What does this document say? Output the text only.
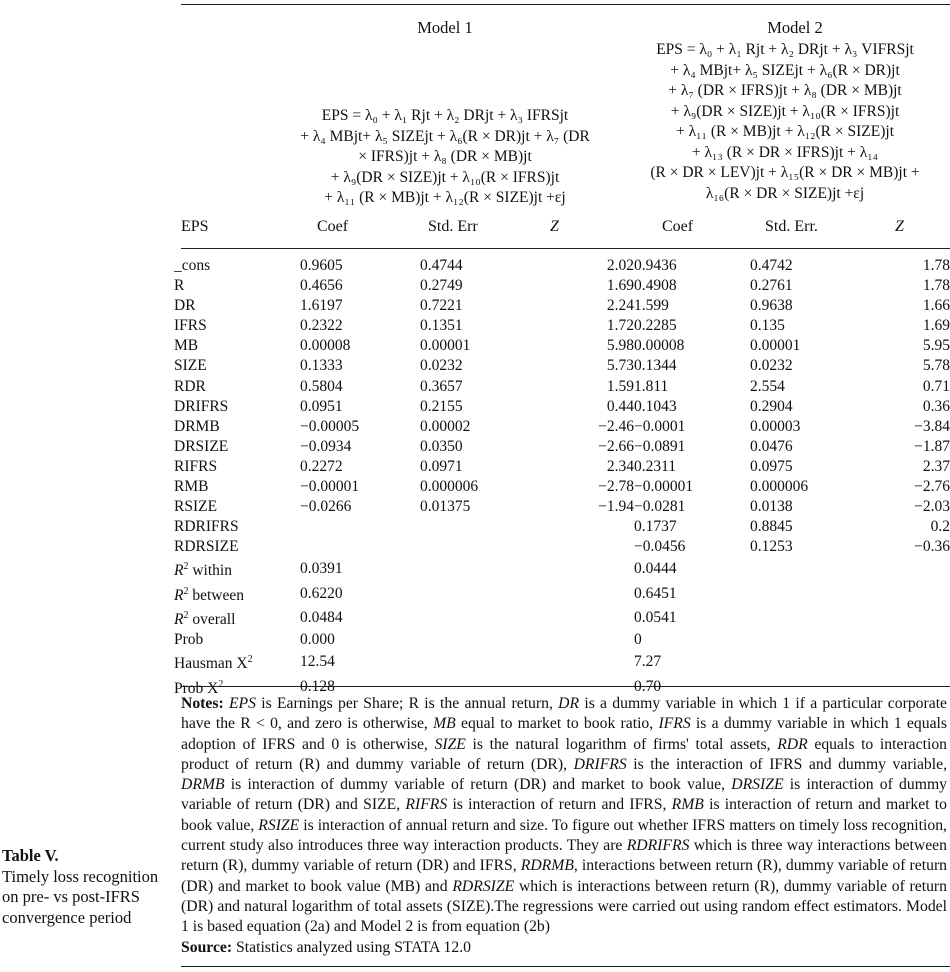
Table V.
Timely loss recognition on pre- vs post-IFRS convergence period
Model 1	Model 2
EPS = λ₀ + λ₁ Rjt + λ₂ DRjt + λ₃ IFRSjt
+ λ₄ MBjt+ λ₅ SIZEjt + λ₆(R × DR)jt + λ₇ (DR
× IFRS)jt + λ₈ (DR × MB)jt
+ λ₉(DR × SIZE)jt + λ₁₀(R × IFRS)jt
+ λ₁₁ (R × MB)jt + λ₁₂(R × SIZE)jt +εj
EPS = λ₀ + λ₁ Rjt + λ₂ DRjt + λ₃ VIFRSjt
+ λ₄ MBjt+ λ₅ SIZEjt + λ₆(R × DR)jt
+ λ₇ (DR × IFRS)jt + λ₈ (DR × MB)jt
+ λ₉(DR × SIZE)jt + λ₁₀(R × IFRS)jt
+ λ₁₁ (R × MB)jt + λ₁₂(R × SIZE)jt
+ λ₁₃ (R × DR × IFRS)jt + λ₁₄
(R × DR × LEV)jt + λ₁₅(R × DR × MB)jt +
λ₁₆(R × DR × SIZE)jt +εj
EPS	Coef	Std. Err	Z	Coef	Std. Err.	Z
_cons	0.9605	0.4744	2.02	0.9436	0.4742	1.78
R	0.4656	0.2749	1.69	0.4908	0.2761	1.78
DR	1.6197	0.7221	2.24	1.599	0.9638	1.66
IFRS	0.2322	0.1351	1.72	0.2285	0.135	1.69
MB	0.00008	0.00001	5.98	0.00008	0.00001	5.95
SIZE	0.1333	0.0232	5.73	0.1344	0.0232	5.78
RDR	0.5804	0.3657	1.59	1.811	2.554	0.71
DRIFRS	0.0951	0.2155	0.44	0.1043	0.2904	0.36
DRMB	−0.00005	0.00002	−2.46	−0.0001	0.00003	−3.84
DRSIZE	−0.0934	0.0350	−2.66	−0.0891	0.0476	−1.87
RIFRS	0.2272	0.0971	2.34	0.2311	0.0975	2.37
RMB	−0.00001	0.000006	−2.78	−0.00001	0.000006	−2.76
RSIZE	−0.0266	0.01375	−1.94	−0.0281	0.0138	−2.03
RDRIFRS				0.1737	0.8845	0.2
RDRSIZE				−0.0456	0.1253	−0.36
$R^2$ within	0.0391			0.0444		
$R^2$ between	0.6220			0.6451		
$R^2$ overall	0.0484			0.0541		
Prob	0.000			0		
Hausman $X^2$	12.54			7.27		
Prob $X^2$	0.128			0.70		
Notes: EPS is Earnings per Share; R is the annual return, DR is a dummy variable in which 1 if a particular corporate have the R < 0, and zero is otherwise, MB equal to market to book ratio, IFRS is a dummy variable in which 1 equals adoption of IFRS and 0 is otherwise, SIZE is the natural logarithm of firms' total assets, RDR equals to interaction product of return (R) and dummy variable of return (DR), DRIFRS is the interaction of IFRS and dummy variable, DRMB is interaction of dummy variable of return (DR) and market to book value, DRSIZE is interaction of dummy variable of return (DR) and SIZE, RIFRS is interaction of return and IFRS, RMB is interaction of return and market to book value, RSIZE is interaction of annual return and size. To figure out whether IFRS matters on timely loss recognition, current study also introduces three way interaction products. They are RDRIFRS which is three way interactions between return (R), dummy variable of return (DR) and IFRS, RDRMB, interactions between return (R), dummy variable of return (DR) and market to book value (MB) and RDRSIZE which is interactions between return (R), dummy variable of return (DR) and natural logarithm of total assets (SIZE).The regressions were carried out using random effect estimators. Model 1 is based equation (2a) and Model 2 is from equation (2b)
Source: Statistics analyzed using STATA 12.0
